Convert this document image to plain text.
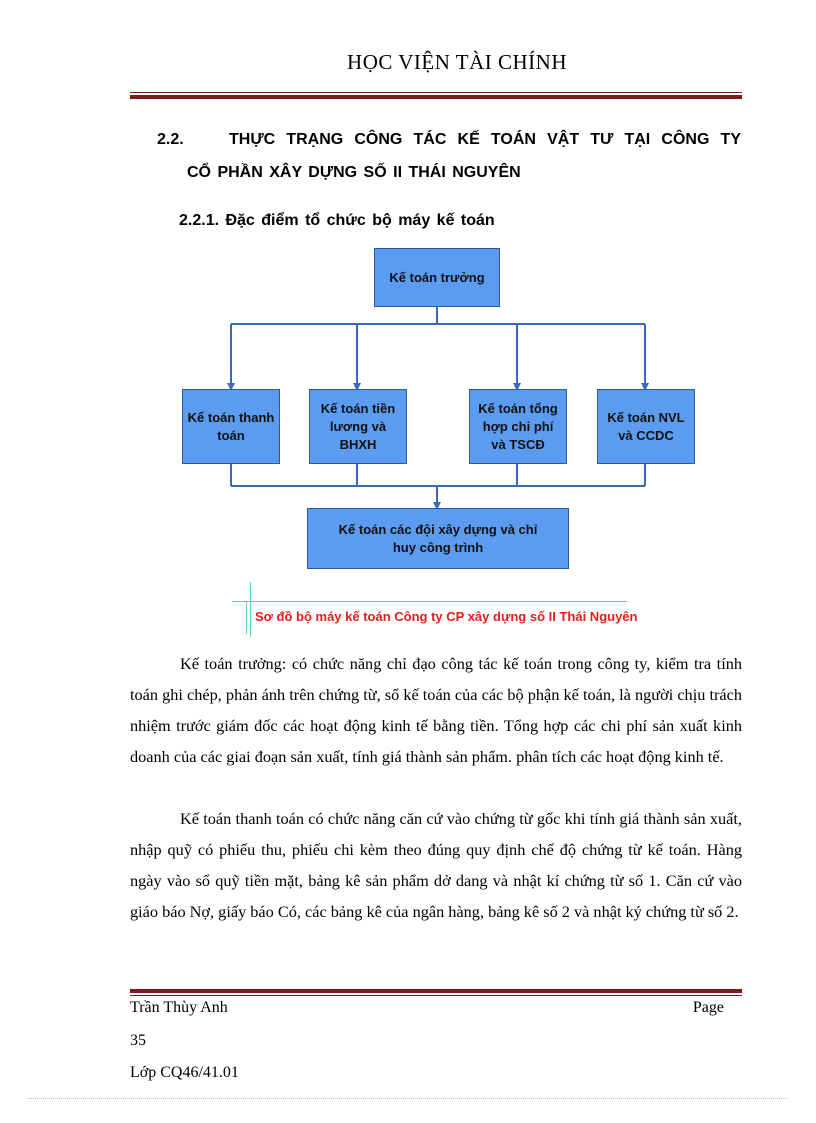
HỌC VIỆN TÀI CHÍNH
2.2.	THỰC TRẠNG CÔNG TÁC KẾ TOÁN VẬT TƯ TẠI CÔNG TY
CỔ PHẦN XÂY DỰNG SỐ II THÁI NGUYÊN
2.2.1. Đặc điểm tổ chức bộ máy kế toán
Kế toán trưởng
Kế toán thanh toán
Kế toán tiền lương và BHXH
Kế toán tổng hợp chi phí và TSCĐ
Kế toán NVL và CCDC
Kế toán các đội xây dựng và chỉ huy công trình
Sơ đồ bộ máy kế toán Công ty CP xây dựng số II Thái Nguyên

Kế toán trưởng: có chức năng chỉ đạo công tác kế toán trong công ty, kiểm tra tính toán ghi chép, phản ánh trên chứng từ, sổ kế toán của các bộ phận kế toán, là người chịu trách nhiệm trước giám đốc các hoạt động kinh tế bằng tiền. Tổng hợp các chi phí sản xuất kinh doanh của các giai đoạn sản xuất, tính giá thành sản phẩm. phân tích các hoạt động kinh tế.

Kế toán thanh toán có chức năng căn cứ vào chứng từ gốc khi tính giá thành sản xuất, nhập quỹ có phiếu thu, phiếu chi kèm theo đúng quy định chế độ chứng từ kế toán. Hàng ngày vào sổ quỹ tiền mặt, bảng kê sản phẩm dở dang và nhật kí chứng từ số 1. Căn cứ vào giáo báo Nợ, giấy báo Có, các bảng kê của ngân hàng, bảng kê số 2 và nhật ký chứng từ số 2.

Trần Thùy Anh	Page
35
Lớp CQ46/41.01
